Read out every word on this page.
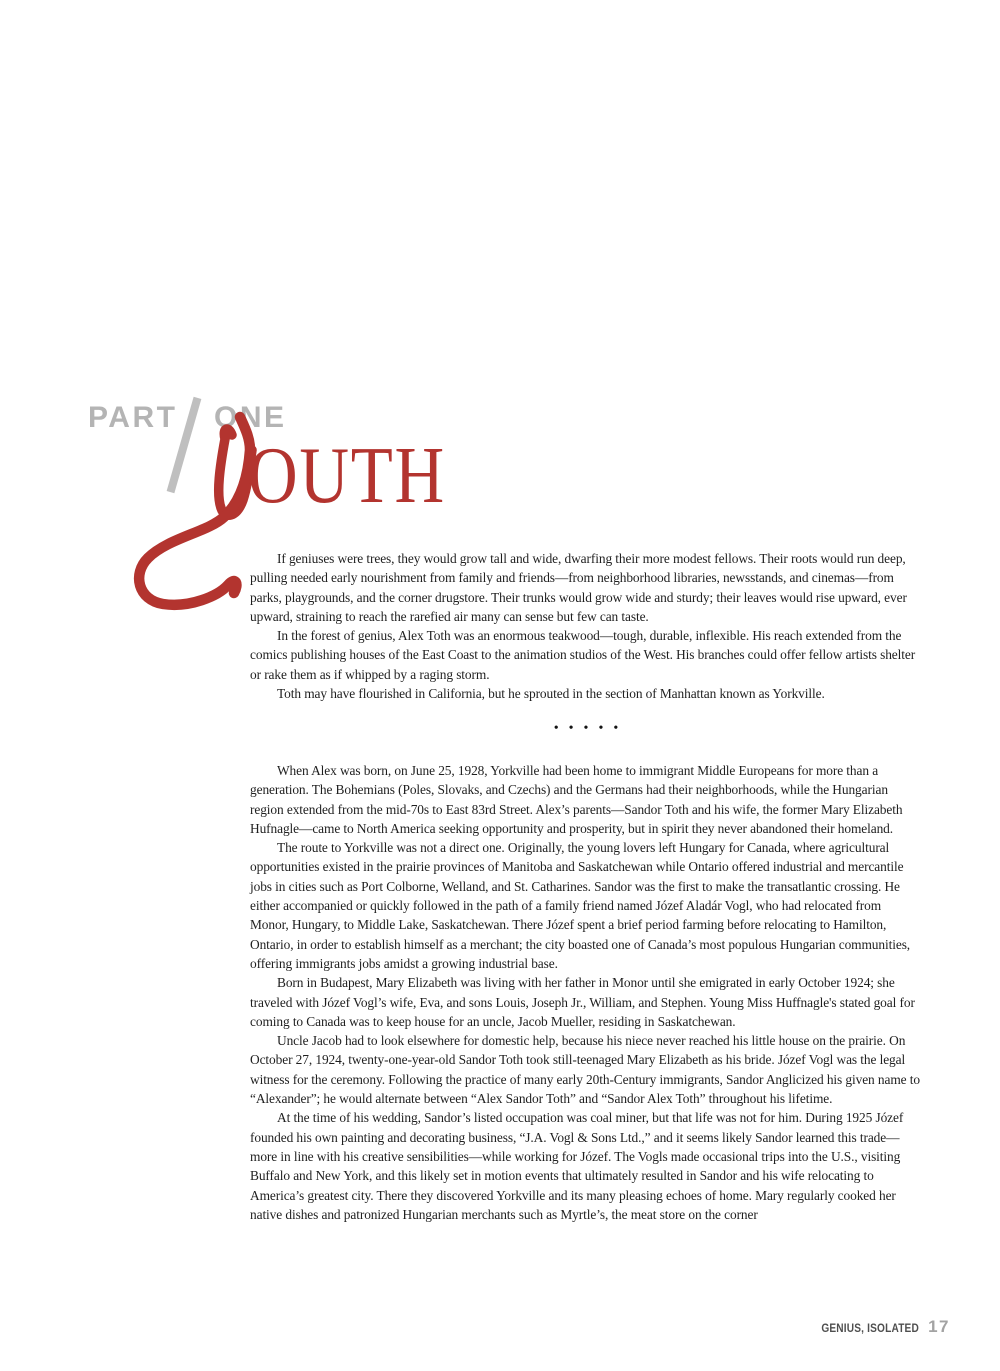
PART ONE
OUTH

If geniuses were trees, they would grow tall and wide, dwarfing their more modest fellows. Their roots would run deep, pulling needed early nourishment from family and friends—from neighborhood libraries, newsstands, and cinemas—from parks, playgrounds, and the corner drugstore. Their trunks would grow wide and sturdy; their leaves would rise upward, ever upward, straining to reach the rarefied air many can sense but few can taste.

In the forest of genius, Alex Toth was an enormous teakwood—tough, durable, inflexible. His reach extended from the comics publishing houses of the East Coast to the animation studios of the West. His branches could offer fellow artists shelter or rake them as if whipped by a raging storm.

Toth may have flourished in California, but he sprouted in the section of Manhattan known as Yorkville.

•••••

When Alex was born, on June 25, 1928, Yorkville had been home to immigrant Middle Europeans for more than a generation. The Bohemians (Poles, Slovaks, and Czechs) and the Germans had their neighborhoods, while the Hungarian region extended from the mid-70s to East 83rd Street. Alex’s parents—Sandor Toth and his wife, the former Mary Elizabeth Hufnagle—came to North America seeking opportunity and prosperity, but in spirit they never abandoned their homeland.

The route to Yorkville was not a direct one. Originally, the young lovers left Hungary for Canada, where agricultural opportunities existed in the prairie provinces of Manitoba and Saskatchewan while Ontario offered industrial and mercantile jobs in cities such as Port Colborne, Welland, and St. Catharines. Sandor was the first to make the transatlantic crossing. He either accompanied or quickly followed in the path of a family friend named Józef Aladár Vogl, who had relocated from Monor, Hungary, to Middle Lake, Saskatchewan. There Józef spent a brief period farming before relocating to Hamilton, Ontario, in order to establish himself as a merchant; the city boasted one of Canada’s most populous Hungarian communities, offering immigrants jobs amidst a growing industrial base.

Born in Budapest, Mary Elizabeth was living with her father in Monor until she emigrated in early October 1924; she traveled with Józef Vogl’s wife, Eva, and sons Louis, Joseph Jr., William, and Stephen. Young Miss Huffnagle's stated goal for coming to Canada was to keep house for an uncle, Jacob Mueller, residing in Saskatchewan.

Uncle Jacob had to look elsewhere for domestic help, because his niece never reached his little house on the prairie. On October 27, 1924, twenty-one-year-old Sandor Toth took still-teenaged Mary Elizabeth as his bride. Józef Vogl was the legal witness for the ceremony. Following the practice of many early 20th-Century immigrants, Sandor Anglicized his given name to “Alexander”; he would alternate between “Alex Sandor Toth” and “Sandor Alex Toth” throughout his lifetime.

At the time of his wedding, Sandor’s listed occupation was coal miner, but that life was not for him. During 1925 Józef founded his own painting and decorating business, “J.A. Vogl & Sons Ltd.,” and it seems likely Sandor learned this trade—more in line with his creative sensibilities—while working for Józef. The Vogls made occasional trips into the U.S., visiting Buffalo and New York, and this likely set in motion events that ultimately resulted in Sandor and his wife relocating to America’s greatest city. There they discovered Yorkville and its many pleasing echoes of home. Mary regularly cooked her native dishes and patronized Hungarian merchants such as Myrtle’s, the meat store on the corner

GENIUS, ISOLATED 17
